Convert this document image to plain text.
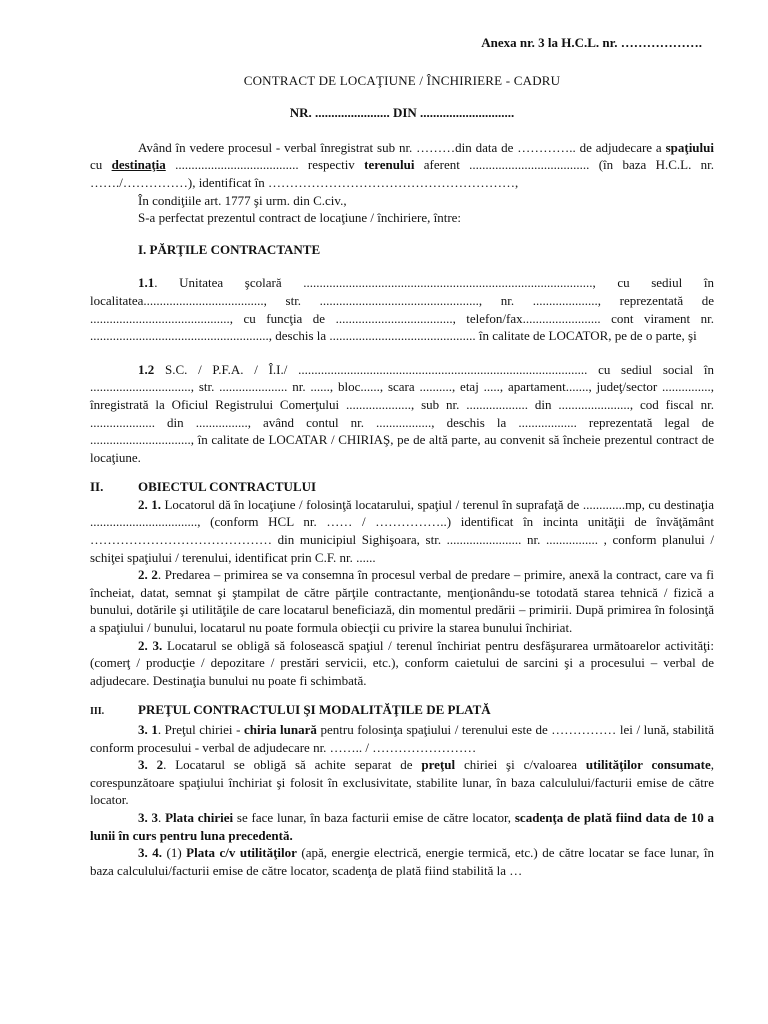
Anexa nr. 3 la H.C.L. nr. ……………….
CONTRACT DE LOCAŢIUNE / ÎNCHIRIERE - CADRU
NR. ....................... DIN .............................

Având în vedere procesul - verbal înregistrat sub nr. ………din data de ………….. de adjudecare a spaţiului cu destinaţia ...................................... respectiv terenului aferent ..................................... (în baza H.C.L. nr. ……./……………), identificat în …………………………………………………,

În condiţiile art. 1777 şi urm. din C.civ.,

S-a perfectat prezentul contract de locaţiune / închiriere, între:

I. PĂRŢILE CONTRACTANTE

1.1. Unitatea şcolară ........................................................................................., cu sediul în localitatea....................................., str. ................................................., nr. ...................., reprezentată de ..........................................., cu funcţia de ...................................., telefon/fax........................ cont virament nr. ......................................................., deschis la ............................................. în calitate de LOCATOR, pe de o parte, şi

1.2 S.C. / P.F.A. / Î.I./ ......................................................................................... cu sediul social în ..............................., str. ..................... nr. ......, bloc......, scara .........., etaj ....., apartament......., judeţ/sector ..............., înregistrată la Oficiul Registrului Comerţului ...................., sub nr. ................... din ......................, cod fiscal nr. .................... din ................, având contul nr. ................., deschis la .................. reprezentată legal de ..............................., în calitate de LOCATAR / CHIRIAŞ, pe de altă parte, au convenit să încheie prezentul contract de locaţiune.

II.	OBIECTUL CONTRACTULUI

2. 1. Locatorul dă în locaţiune / folosinţă locatarului, spaţiul / terenul în suprafaţă de .............mp, cu destinaţia ................................., (conform HCL nr. …… / ……………..) identificat în incinta unităţii de învăţământ …………………………………… din municipiul Sighişoara, str. ....................... nr. ................ , conform planului / schiţei spaţiului / terenului, identificat prin C.F. nr. ......

2. 2. Predarea – primirea se va consemna în procesul verbal de predare – primire, anexă la contract, care va fi încheiat, datat, semnat şi ştampilat de către părţile contractante, menţionându-se totodată starea tehnică / fizică a bunului, dotările şi utilităţile de care locatarul beneficiază, din momentul predării – primirii. După primirea în folosinţă a spaţiului / bunului, locatarul nu poate formula obiecţii cu privire la starea bunului închiriat.

2. 3. Locatarul se obligă să folosească spaţiul / terenul închiriat pentru desfăşurarea următoarelor activităţi: (comerţ / producţie / depozitare / prestări servicii, etc.), conform caietului de sarcini şi a procesului – verbal de adjudecare. Destinaţia bunului nu poate fi schimbată.

III.	PREŢUL CONTRACTULUI ŞI MODALITĂŢILE DE PLATĂ

3. 1. Preţul chiriei - chiria lunară pentru folosinţa spaţiului / terenului este de …………… lei / lună, stabilită conform procesului - verbal de adjudecare nr. …….. / ……………………

3. 2. Locatarul se obligă să achite separat de preţul chiriei şi c/valoarea utilităţilor consumate, corespunzătoare spaţiului închiriat şi folosit în exclusivitate, stabilite lunar, în baza calculului/facturii emise de către locator.

3. 3. Plata chiriei se face lunar, în baza facturii emise de către locator, scadenţa de plată fiind data de 10 a lunii în curs pentru luna precedentă.

3. 4. (1) Plata c/v utilităţilor (apă, energie electrică, energie termică, etc.) de către locatar se face lunar, în baza calculului/facturii emise de către locator, scadenţa de plată fiind stabilită la …
